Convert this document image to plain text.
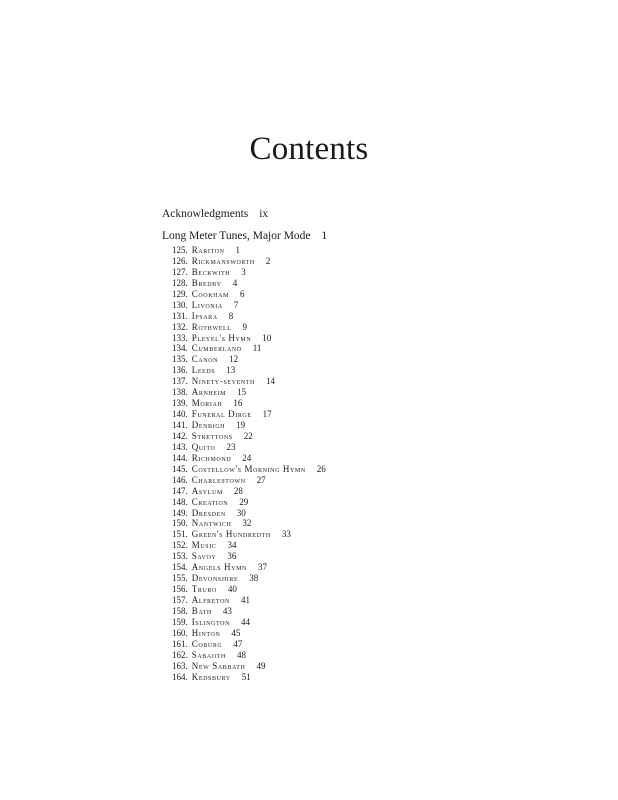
Contents
Acknowledgments ix
Long Meter Tunes, Major Mode 1
125. Rariton 1
126. Rickmansworth 2
127. Beckwith 3
128. Bredby 4
129. Cookham 6
130. Livonia 7
131. Ipsara 8
132. Rothwell 9
133. Pleyel's Hymn 10
134. Cumberland 11
135. Canon 12
136. Leeds 13
137. Ninety-seventh 14
138. Arnheim 15
139. Moriah 16
140. Funeral Dirge 17
141. Denbigh 19
142. Strettons 22
143. Quito 23
144. Richmond 24
145. Costellow's Morning Hymn 26
146. Charlestown 27
147. Asylum 28
148. Creation 29
149. Dresden 30
150. Nantwich 32
151. Green's Hundredth 33
152. Music 34
153. Savoy 36
154. Angels Hymn 37
155. Devonshire 38
156. Truro 40
157. Alfreton 41
158. Bath 43
159. Islington 44
160. Hinton 45
161. Coburg 47
162. Sabaoth 48
163. New Sabbath 49
164. Kedsbury 51
